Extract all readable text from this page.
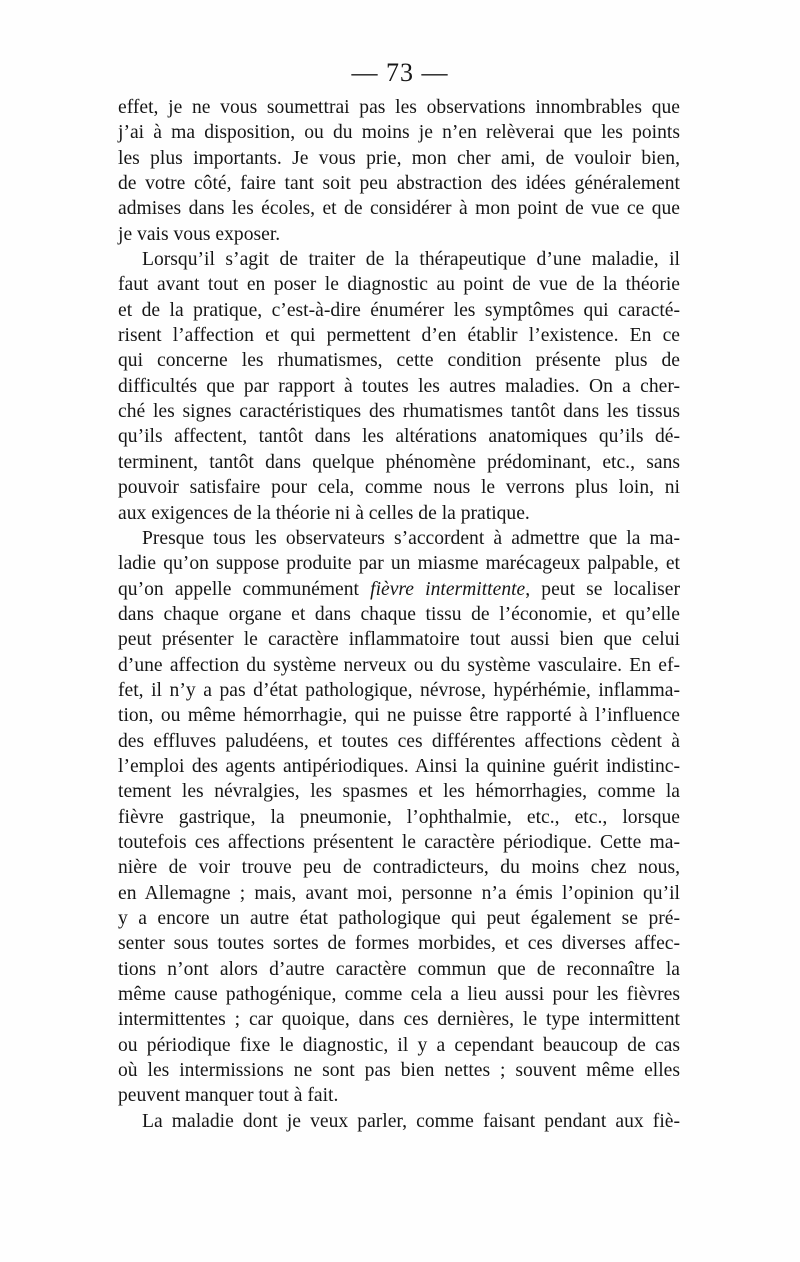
— 73 —
effet, je ne vous soumettrai pas les observations innombrables que
j’ai à ma disposition, ou du moins je n’en relèverai que les points
les plus importants. Je vous prie, mon cher ami, de vouloir bien,
de votre côté, faire tant soit peu abstraction des idées généralement
admises dans les écoles, et de considérer à mon point de vue ce que
je vais vous exposer.
Lorsqu’il s’agit de traiter de la thérapeutique d’une maladie, il
faut avant tout en poser le diagnostic au point de vue de la théorie
et de la pratique, c’est-à-dire énumérer les symptômes qui caracté-
risent l’affection et qui permettent d’en établir l’existence. En ce
qui concerne les rhumatismes, cette condition présente plus de
difficultés que par rapport à toutes les autres maladies. On a cher-
ché les signes caractéristiques des rhumatismes tantôt dans les tissus
qu’ils affectent, tantôt dans les altérations anatomiques qu’ils dé-
terminent, tantôt dans quelque phénomène prédominant, etc., sans
pouvoir satisfaire pour cela, comme nous le verrons plus loin, ni
aux exigences de la théorie ni à celles de la pratique.
Presque tous les observateurs s’accordent à admettre que la ma-
ladie qu’on suppose produite par un miasme marécageux palpable, et
qu’on appelle communément fièvre intermittente, peut se localiser
dans chaque organe et dans chaque tissu de l’économie, et qu’elle
peut présenter le caractère inflammatoire tout aussi bien que celui
d’une affection du système nerveux ou du système vasculaire. En ef-
fet, il n’y a pas d’état pathologique, névrose, hypérhémie, inflamma-
tion, ou même hémorrhagie, qui ne puisse être rapporté à l’influence
des effluves paludéens, et toutes ces différentes affections cèdent à
l’emploi des agents antipériodiques. Ainsi la quinine guérit indistinc-
tement les névralgies, les spasmes et les hémorrhagies, comme la
fièvre gastrique, la pneumonie, l’ophthalmie, etc., etc., lorsque
toutefois ces affections présentent le caractère périodique. Cette ma-
nière de voir trouve peu de contradicteurs, du moins chez nous,
en Allemagne ; mais, avant moi, personne n’a émis l’opinion qu’il
y a encore un autre état pathologique qui peut également se pré-
senter sous toutes sortes de formes morbides, et ces diverses affec-
tions n’ont alors d’autre caractère commun que de reconnaître la
même cause pathogénique, comme cela a lieu aussi pour les fièvres
intermittentes ; car quoique, dans ces dernières, le type intermittent
ou périodique fixe le diagnostic, il y a cependant beaucoup de cas
où les intermissions ne sont pas bien nettes ; souvent même elles
peuvent manquer tout à fait.
La maladie dont je veux parler, comme faisant pendant aux fiè-
